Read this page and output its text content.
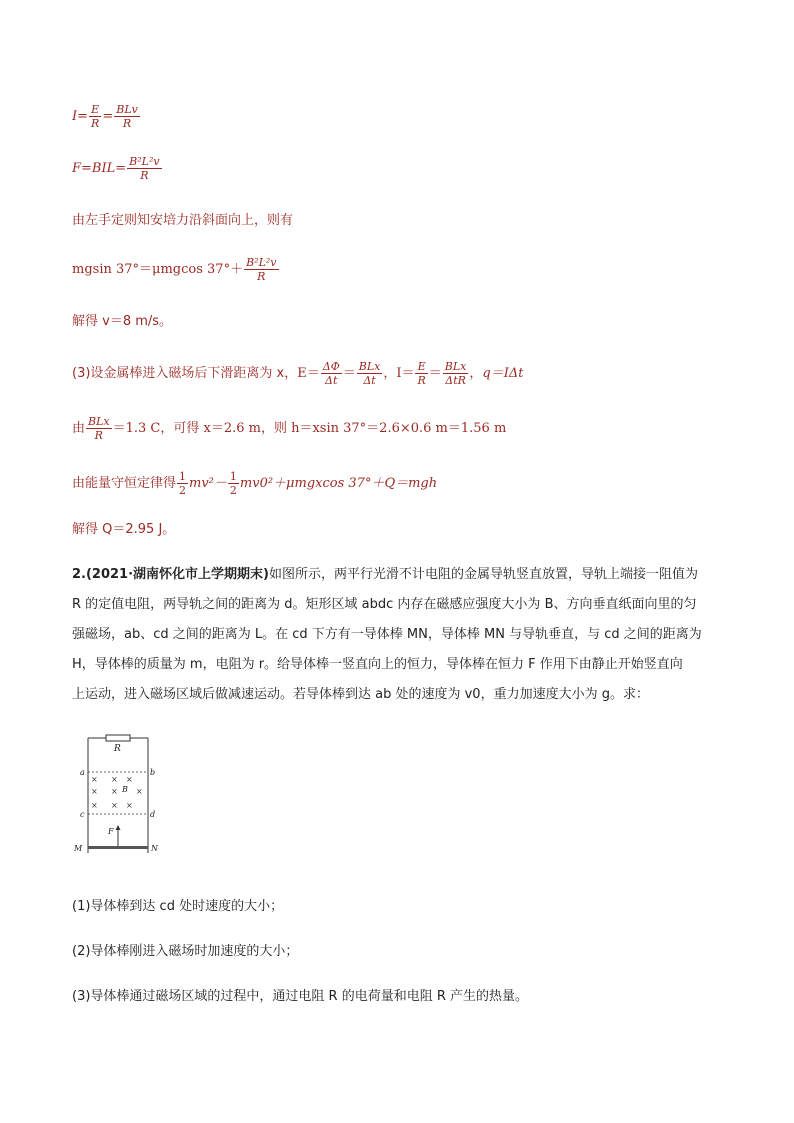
$I= \frac{E}{R} = \frac{\text{BLv}}{R}$
$F=BIL= \frac{\text{B²L²v}}{R}$
由左手定则知安培力沿斜面向上，则有
mgsin 37°＝μmgcos $37^\circ+ \frac{\text{B²L²v}}{R}$
解得 v＝8 m/s。
(3)设金属棒进入磁场后下滑距离为 x，$E= \frac{\Delta\Phi}{\Delta t} = \frac{\text{BLx}}{\Delta t}$ ，$I= \frac{E}{R} = \frac{\text{BLx}}{\text{ΔtR}}$ ，q＝IΔt
由 $\frac{\text{BLx}}{R} =1.3$ C，可得 x＝2.6 m，则 h＝xsin 37°＝2.6×0.6 m＝1.56 m
由能量守恒定律得 $\frac{1}{2} mv^2- \frac{1}{2} mv0^2+\mu mgxcos$ 37°＋Q＝mgh
解得 Q＝2.95 J。
2.(2021·湖南怀化市上学期期末)如图所示，两平行光滑不计电阻的金属导轨竖直放置，导轨上端接一阻值为
R 的定值电阻，两导轨之间的距离为 d。矩形区域 abdc 内存在磁感应强度大小为 B、方向垂直纸面向里的匀
强磁场，ab、cd 之间的距离为 L。在 cd 下方有一导体棒 MN，导体棒 MN 与导轨垂直，与 cd 之间的距离为
H，导体棒的质量为 m，电阻为 r。给导体棒一竖直向上的恒力，导体棒在恒力 F 作用下由静止开始竖直向
上运动，进入磁场区域后做减速运动。若导体棒到达 ab 处的速度为 v0，重力加速度大小为 g。求：
R
a	b
c	d
× × ×
× × ×
× × ×
B
F
M	N
(1)导体棒到达 cd 处时速度的大小；
(2)导体棒刚进入磁场时加速度的大小；
(3)导体棒通过磁场区域的过程中，通过电阻 R 的电荷量和电阻 R 产生的热量。
